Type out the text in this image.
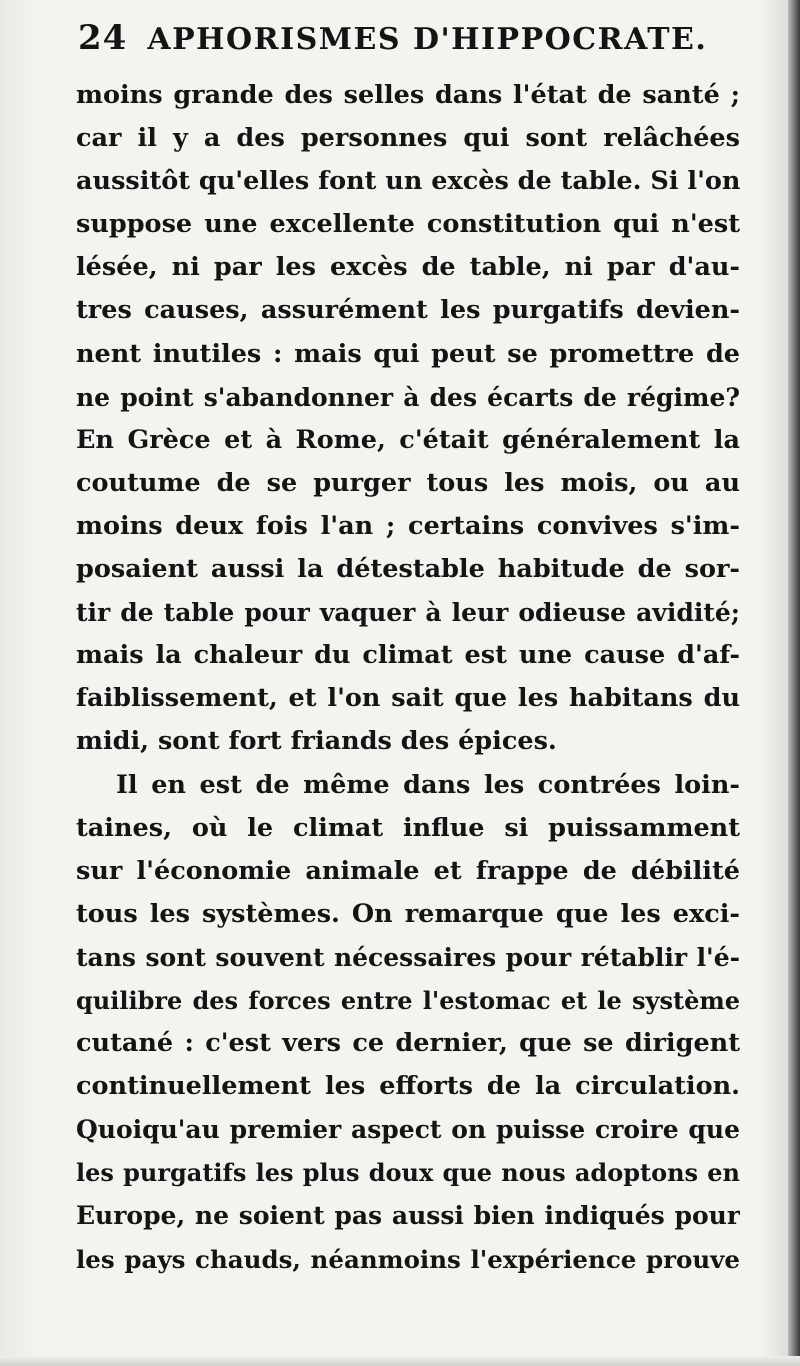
24 APHORISMES D'HIPPOCRATE.
moins grande des selles dans l'état de santé ;
car il y a des personnes qui sont relâchées
aussitôt qu'elles font un excès de table. Si l'on
suppose une excellente constitution qui n'est
lésée, ni par les excès de table, ni par d'au-
tres causes, assurément les purgatifs devien-
nent inutiles : mais qui peut se promettre de
ne point s'abandonner à des écarts de régime?
En Grèce et à Rome, c'était généralement la
coutume de se purger tous les mois, ou au
moins deux fois l'an ; certains convives s'im-
posaient aussi la détestable habitude de sor-
tir de table pour vaquer à leur odieuse avidité;
mais la chaleur du climat est une cause d'af-
faiblissement, et l'on sait que les habitans du
midi, sont fort friands des épices.
Il en est de même dans les contrées loin-
taines, où le climat influe si puissamment
sur l'économie animale et frappe de débilité
tous les systèmes. On remarque que les exci-
tans sont souvent nécessaires pour rétablir l'é-
quilibre des forces entre l'estomac et le système
cutané : c'est vers ce dernier, que se dirigent
continuellement les efforts de la circulation.
Quoiqu'au premier aspect on puisse croire que
les purgatifs les plus doux que nous adoptons en
Europe, ne soient pas aussi bien indiqués pour
les pays chauds, néanmoins l'expérience prouve
